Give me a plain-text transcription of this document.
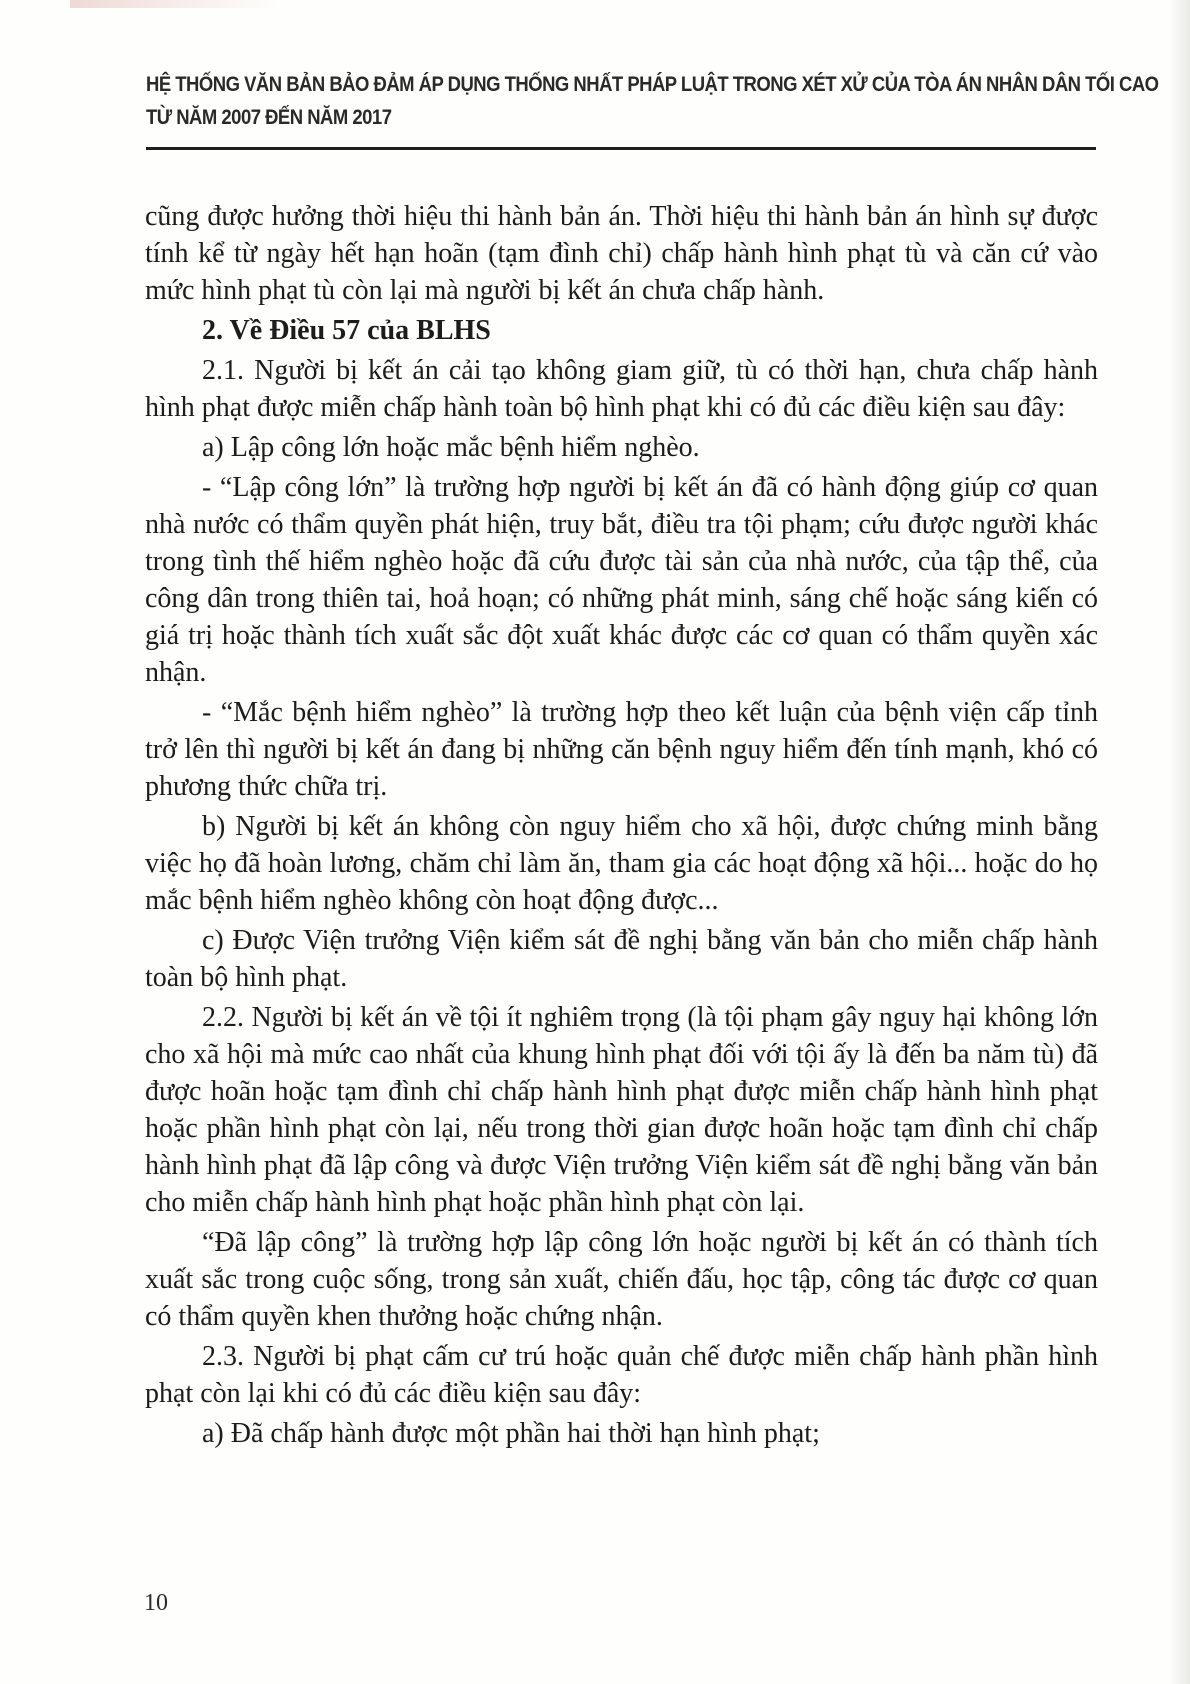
HỆ THỐNG VĂN BẢN BẢO ĐẢM ÁP DỤNG THỐNG NHẤT PHÁP LUẬT TRONG XÉT XỬ CỦA TÒA ÁN NHÂN DÂN TỐI CAO
TỪ NĂM 2007 ĐẾN NĂM 2017

cũng được hưởng thời hiệu thi hành bản án. Thời hiệu thi hành bản án hình sự được tính kể từ ngày hết hạn hoãn (tạm đình chỉ) chấp hành hình phạt tù và căn cứ vào mức hình phạt tù còn lại mà người bị kết án chưa chấp hành.

2. Về Điều 57 của BLHS

2.1. Người bị kết án cải tạo không giam giữ, tù có thời hạn, chưa chấp hành hình phạt được miễn chấp hành toàn bộ hình phạt khi có đủ các điều kiện sau đây:

a) Lập công lớn hoặc mắc bệnh hiểm nghèo.

- “Lập công lớn” là trường hợp người bị kết án đã có hành động giúp cơ quan nhà nước có thẩm quyền phát hiện, truy bắt, điều tra tội phạm; cứu được người khác trong tình thế hiểm nghèo hoặc đã cứu được tài sản của nhà nước, của tập thể, của công dân trong thiên tai, hoả hoạn; có những phát minh, sáng chế hoặc sáng kiến có giá trị hoặc thành tích xuất sắc đột xuất khác được các cơ quan có thẩm quyền xác nhận.

- “Mắc bệnh hiểm nghèo” là trường hợp theo kết luận của bệnh viện cấp tỉnh trở lên thì người bị kết án đang bị những căn bệnh nguy hiểm đến tính mạnh, khó có phương thức chữa trị.

b) Người bị kết án không còn nguy hiểm cho xã hội, được chứng minh bằng việc họ đã hoàn lương, chăm chỉ làm ăn, tham gia các hoạt động xã hội... hoặc do họ mắc bệnh hiểm nghèo không còn hoạt động được...

c) Được Viện trưởng Viện kiểm sát đề nghị bằng văn bản cho miễn chấp hành toàn bộ hình phạt.

2.2. Người bị kết án về tội ít nghiêm trọng (là tội phạm gây nguy hại không lớn cho xã hội mà mức cao nhất của khung hình phạt đối với tội ấy là đến ba năm tù) đã được hoãn hoặc tạm đình chỉ chấp hành hình phạt được miễn chấp hành hình phạt hoặc phần hình phạt còn lại, nếu trong thời gian được hoãn hoặc tạm đình chỉ chấp hành hình phạt đã lập công và được Viện trưởng Viện kiểm sát đề nghị bằng văn bản cho miễn chấp hành hình phạt hoặc phần hình phạt còn lại.

“Đã lập công” là trường hợp lập công lớn hoặc người bị kết án có thành tích xuất sắc trong cuộc sống, trong sản xuất, chiến đấu, học tập, công tác được cơ quan có thẩm quyền khen thưởng hoặc chứng nhận.

2.3. Người bị phạt cấm cư trú hoặc quản chế được miễn chấp hành phần hình phạt còn lại khi có đủ các điều kiện sau đây:

a) Đã chấp hành được một phần hai thời hạn hình phạt;

10
